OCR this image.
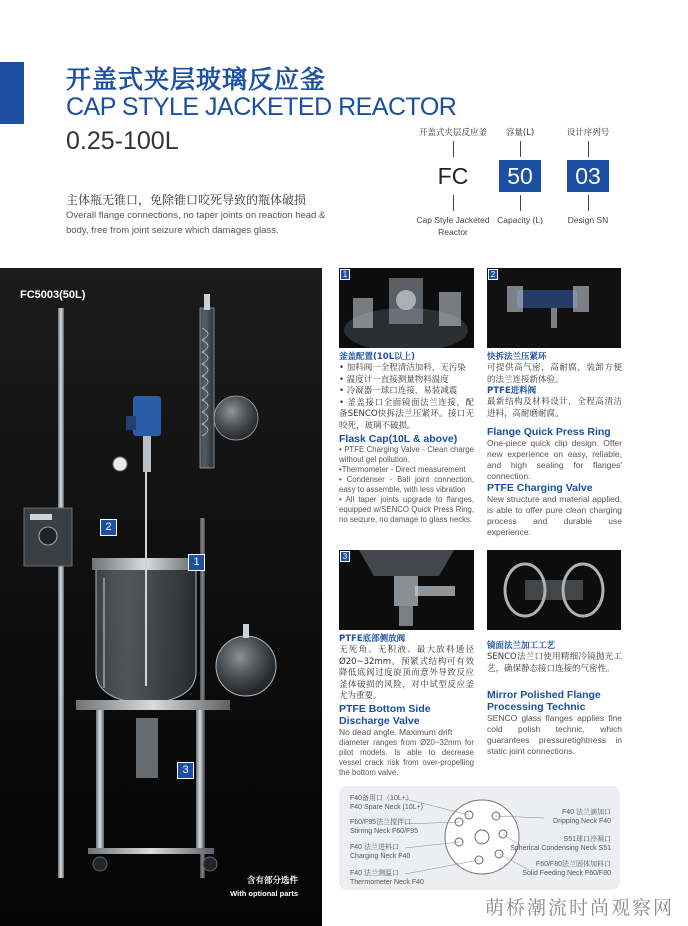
开盖式夹层玻璃反应釜
CAP STYLE JACKETED REACTOR
0.25-100L
主体瓶无锥口，免除锥口咬死导致的瓶体破损
Overall flange connections, no taper joints on reaction head & body, free from joint seizure which damages glass.
开盖式夹层反应釜
FC
Cap Style Jacketed Reactor
容量(L)
50
Capacity (L)
设计序列号
03
Design SN
FC5003(50L)
2
1
3
含有部分选件
With optional parts
1	2
3
釜盖配置(10L以上)
• 加料阀一全程清洁加料，无污染
• 温度计一直接测量物料温度
• 冷凝器一球口连接，易装减震
• 釜盖接口全面镜面法兰连接，配备SENCO快拆法兰压紧环。接口无咬死，玻璃不破损。
Flask Cap(10L & above)
• PTFE Charging Valve - Clean charge without gel pollution.
•Thermometer - Direct measurement
• Condenser - Ball joint connection, easy to assemble, with less vibration
• All taper joints upgrade to flanges, equipped w/SENCO Quick Press Ring, no seizure, no damage to glass necks.
快拆法兰压紧环
可提供高气密，高耐腐，装卸方便的法兰连接新体验。
PTFE进料阀
最新结构及材料设计，全程高清洁进料，高耐磨耐腐。
Flange Quick Press Ring
One-piece quick clip design. Offer new experience on easy, reliable, and high sealing for flanges' connection.
PTFE Charging Valve
New structure and material applied, is able to offer pure clean charging process and durable use experience.
PTFE底部侧放阀
无死角、无积液、最大放料通径Ø20~32mm。预紧式结构可有效降低底阀过度旋顶而意外导致反应釜体破损的风险，对中试型反应釜尤为重要。
PTFE Bottom Side Discharge Valve
No dead angle. Maximum drift
diameter ranges from Ø20~32mm for pilot models. Is able to decrease vessel crack risk from over-propelling the bottom valve.
镜面法兰加工工艺
SENCO法兰口使用精细冷镜抛光工艺，确保静态接口连接的气密性。
Mirror Polished Flange Processing Technic
SENCO glass flanges applies fine cold polish technic, which guarantees pressuretightness in static joint connections.
F40备用口（10L+）
F40 Spare Neck (10L+)
F60/F95法兰搅拌口
Stirring Neck F60/F95
F40 法兰进料口
Charging Neck F40
F40 法兰测温口
Thermometer Neck F40
F40 法兰滴加口
Dripping Neck F40
S51球口冷凝口
Spherical Condensing Neck S51
F60/F80法兰固体加料口
Solid Feeding Neck F60/F80
萌桥潮流时尚观察网
